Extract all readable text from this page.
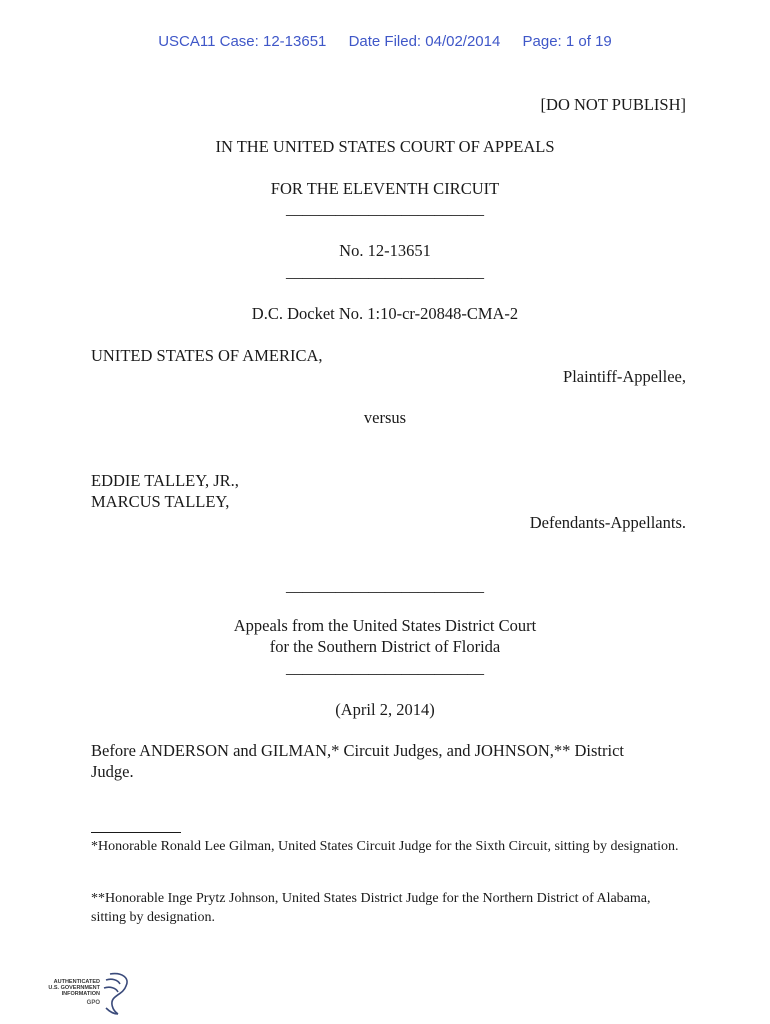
USCA11 Case: 12-13651 Date Filed: 04/02/2014 Page: 1 of 19
[DO NOT PUBLISH]
IN THE UNITED STATES COURT OF APPEALS
FOR THE ELEVENTH CIRCUIT
________________________
No. 12-13651
________________________
D.C. Docket No. 1:10-cr-20848-CMA-2
UNITED STATES OF AMERICA,
Plaintiff-Appellee,
versus
EDDIE TALLEY, JR.,
MARCUS TALLEY,
Defendants-Appellants.
________________________
Appeals from the United States District Court
for the Southern District of Florida
________________________
(April 2, 2014)
Before ANDERSON and GILMAN,* Circuit Judges, and JOHNSON,** District
Judge.
*Honorable Ronald Lee Gilman, United States Circuit Judge for the Sixth Circuit, sitting by designation.
**Honorable Inge Prytz Johnson, United States District Judge for the Northern District of Alabama, sitting by designation.
AUTHENTICATED
U.S. GOVERNMENT
INFORMATION
GPO
